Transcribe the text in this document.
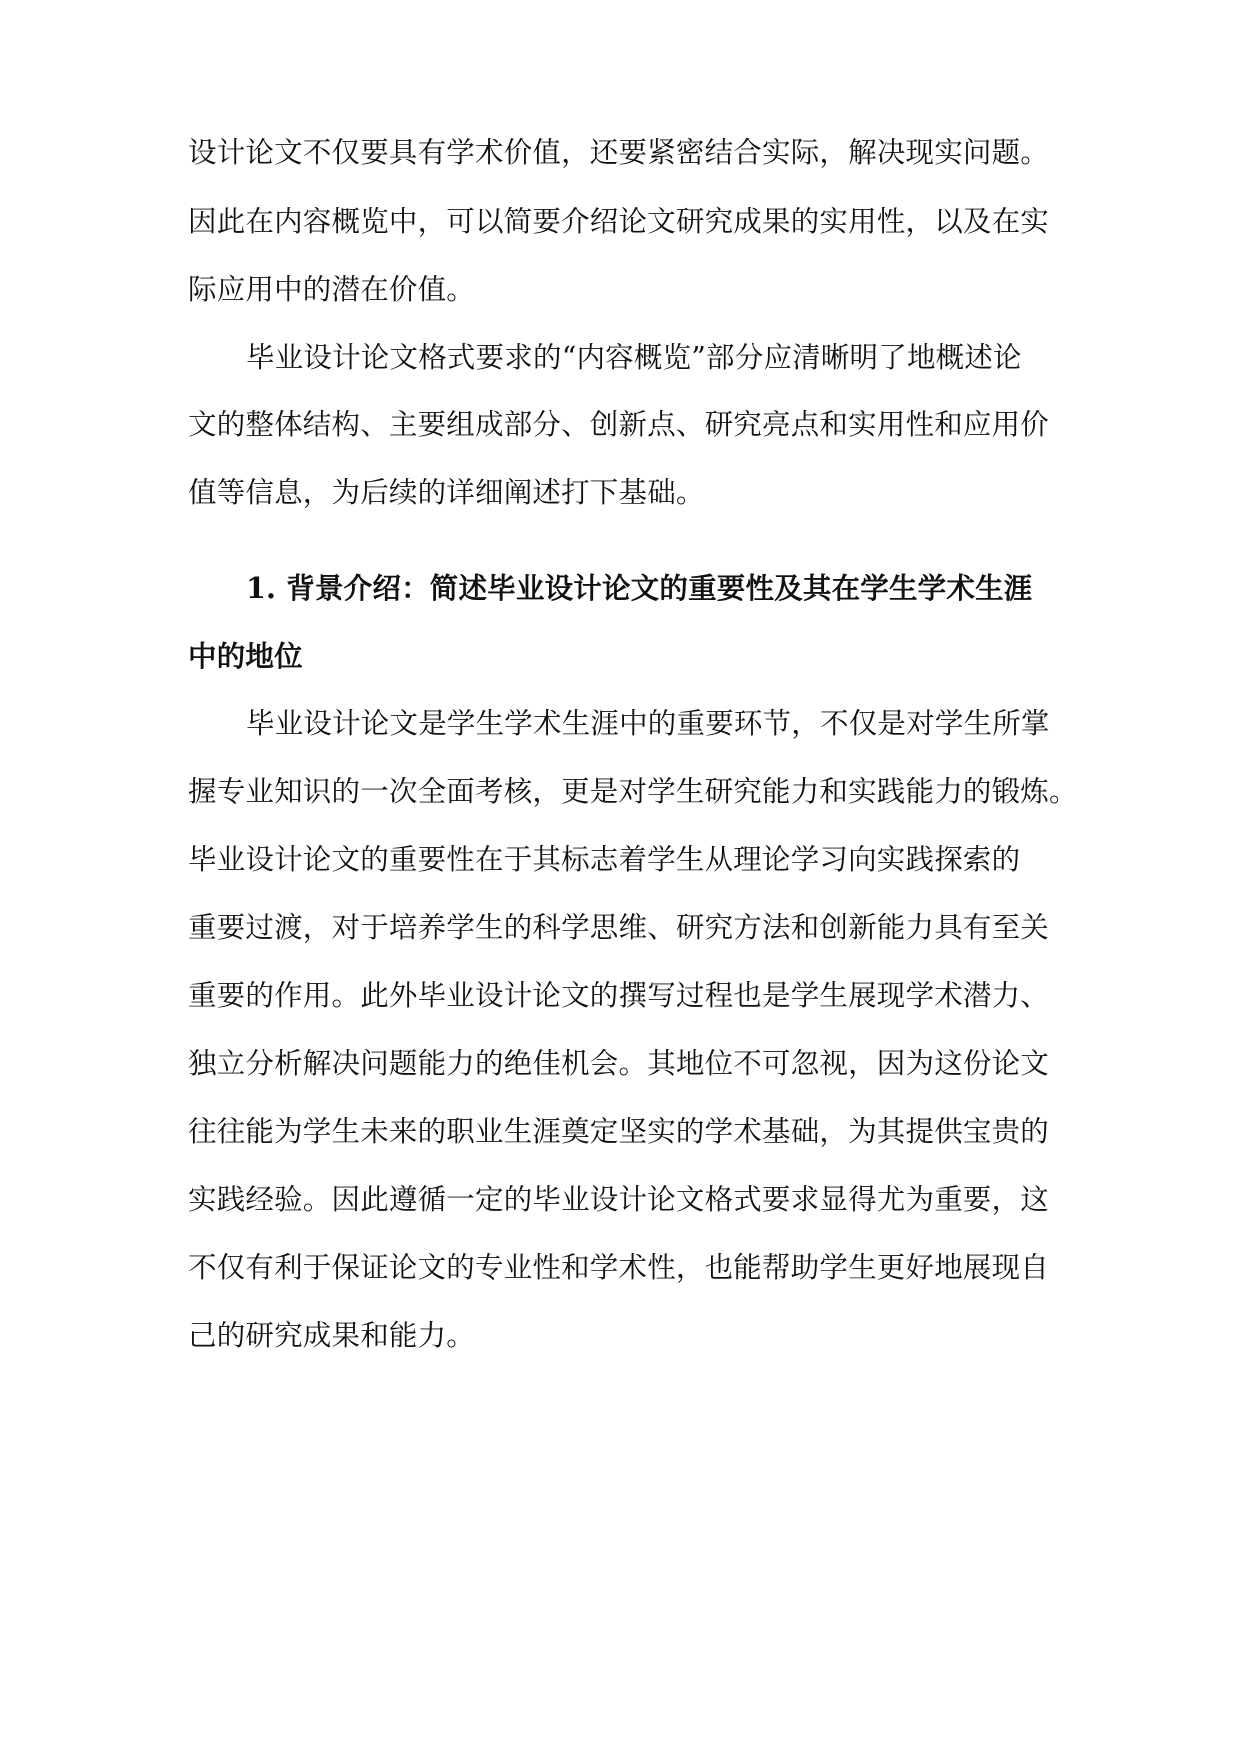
设计论文不仅要具有学术价值，还要紧密结合实际，解决现实问题。
因此在内容概览中，可以简要介绍论文研究成果的实用性，以及在实
际应用中的潜在价值。
毕业设计论文格式要求的“内容概览”部分应清晰明了地概述论
文的整体结构、主要组成部分、创新点、研究亮点和实用性和应用价
值等信息，为后续的详细阐述打下基础。
1. 背景介绍：简述毕业设计论文的重要性及其在学生学术生涯
中的地位
毕业设计论文是学生学术生涯中的重要环节，不仅是对学生所掌
握专业知识的一次全面考核，更是对学生研究能力和实践能力的锻炼。
毕业设计论文的重要性在于其标志着学生从理论学习向实践探索的
重要过渡，对于培养学生的科学思维、研究方法和创新能力具有至关
重要的作用。此外毕业设计论文的撰写过程也是学生展现学术潜力、
独立分析解决问题能力的绝佳机会。其地位不可忽视，因为这份论文
往往能为学生未来的职业生涯奠定坚实的学术基础，为其提供宝贵的
实践经验。因此遵循一定的毕业设计论文格式要求显得尤为重要，这
不仅有利于保证论文的专业性和学术性，也能帮助学生更好地展现自
己的研究成果和能力。
